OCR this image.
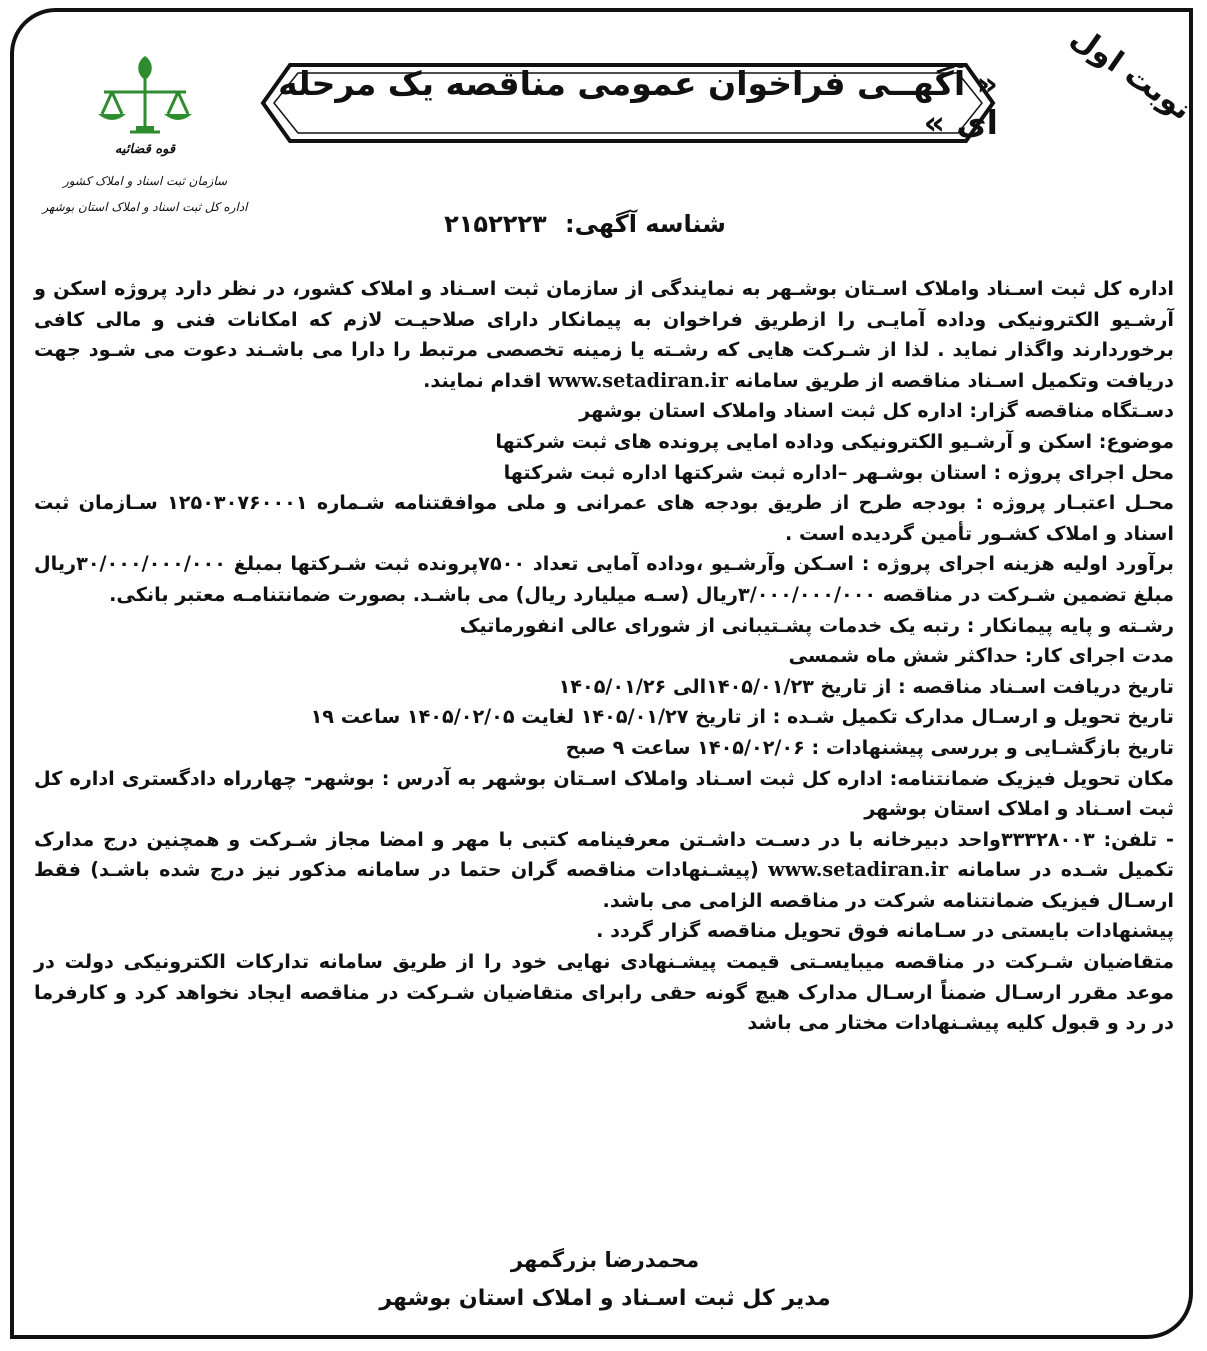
نوبت اول
قوه قضائیه
سازمان ثبت اسناد و املاک کشور
اداره کل ثبت اسناد و املاک استان بوشهر
« آگهــی فراخوان عمومی مناقصه یک مرحله ای »
شناسه آگهی: ۲۱۵۲۲۲۳

اداره کل ثبت اسـناد واملاک اسـتان بوشـهر به نمایندگی از سازمان ثبت اسـناد و املاک کشور، در نظر دارد پروژه اسکن و آرشـیو الکترونیکی وداده آمایـی را ازطریق فراخوان به پیمانکار دارای صلاحیـت لازم که امکانات فنی و مالی کافی برخوردارند واگذار نماید . لذا از شـرکت هایی که رشـته یا زمینه تخصصی مرتبط را دارا می باشـند دعوت می شـود جهت دریافت وتکمیل اسـناد مناقصه از طریق سامانه www.setadiran.ir اقدام نمایند.

دسـتگاه مناقصه گزار: اداره کل ثبت اسناد واملاک استان بوشهر

موضوع: اسکن و آرشـیو الکترونیکی وداده امایی پرونده های ثبت شرکتها

محل اجرای پروژه : استان بوشـهر –اداره ثبت شرکتها اداره ثبت شرکتها

محـل اعتبـار پروژه : بودجه طرح از طریق بودجه های عمرانی و ملی موافقتنامه شـماره ۱۲۵۰۳۰۷۶۰۰۰۱ سـازمان ثبت اسناد و املاک کشـور تأمین گردیده است .

برآورد اولیه هزینه اجرای پروژه : اسـکن وآرشـیو ،وداده آمایی تعداد ۷۵۰۰پرونده ثبت شـرکتها بمبلغ ۳۰/۰۰۰/۰۰۰/۰۰۰ریال مبلغ تضمین شـرکت در مناقصه ۳/۰۰۰/۰۰۰/۰۰۰ریال (سـه میلیارد ریال) می باشـد. بصورت ضمانتنامـه معتبر بانکی.

رشـته و پایه پیمانکار : رتبه یک خدمات پشـتیبانی از شورای عالی انفورماتیک

مدت اجرای کار: حداکثر شش ماه شمسی

تاریخ دریافت اسـناد مناقصه : از تاریخ ۱۴۰۵/۰۱/۲۳الی ۱۴۰۵/۰۱/۲۶

تاریخ تحویل و ارسـال مدارک تکمیل شـده : از تاریخ ۱۴۰۵/۰۱/۲۷ لغایت ۱۴۰۵/۰۲/۰۵ ساعت ۱۹

تاریخ بازگشـایی و بررسی پیشنهادات : ۱۴۰۵/۰۲/۰۶ ساعت ۹ صبح

مکان تحویل فیزیک ضمانتنامه: اداره کل ثبت اسـناد واملاک اسـتان بوشهر به آدرس : بوشهر- چهارراه دادگستری اداره کل ثبت اسـناد و املاک استان بوشهر

- تلفن: ۳۳۳۲۸۰۰۳واحد دبیرخانه با در دسـت داشـتن معرفینامه کتبی با مهر و امضا مجاز شـرکت و همچنین درج مدارک تکمیل شـده در سامانه www.setadiran.ir (پیشـنهادات مناقصه گران حتما در سامانه مذکور نیز درج شده باشـد) فقط ارسـال فیزیک ضمانتنامه شرکت در مناقصه الزامی می باشد.

پیشنهادات بایستی در سـامانه فوق تحویل مناقصه گزار گردد .

متقاضیان شـرکت در مناقصه میبایسـتی قیمت پیشـنهادی نهایی خود را از طریق سامانه تدارکات الکترونیکی دولت در موعد مقرر ارسـال ضمناً ارسـال مدارک هیچ گونه حقی رابرای متقاضیان شـرکت در مناقصه ایجاد نخواهد کرد و کارفرما در رد و قبول کلیه پیشـنهادات مختار می باشد

محمدرضا بزرگمهر
مدیر کل ثبت اسـناد و املاک استان بوشهر
